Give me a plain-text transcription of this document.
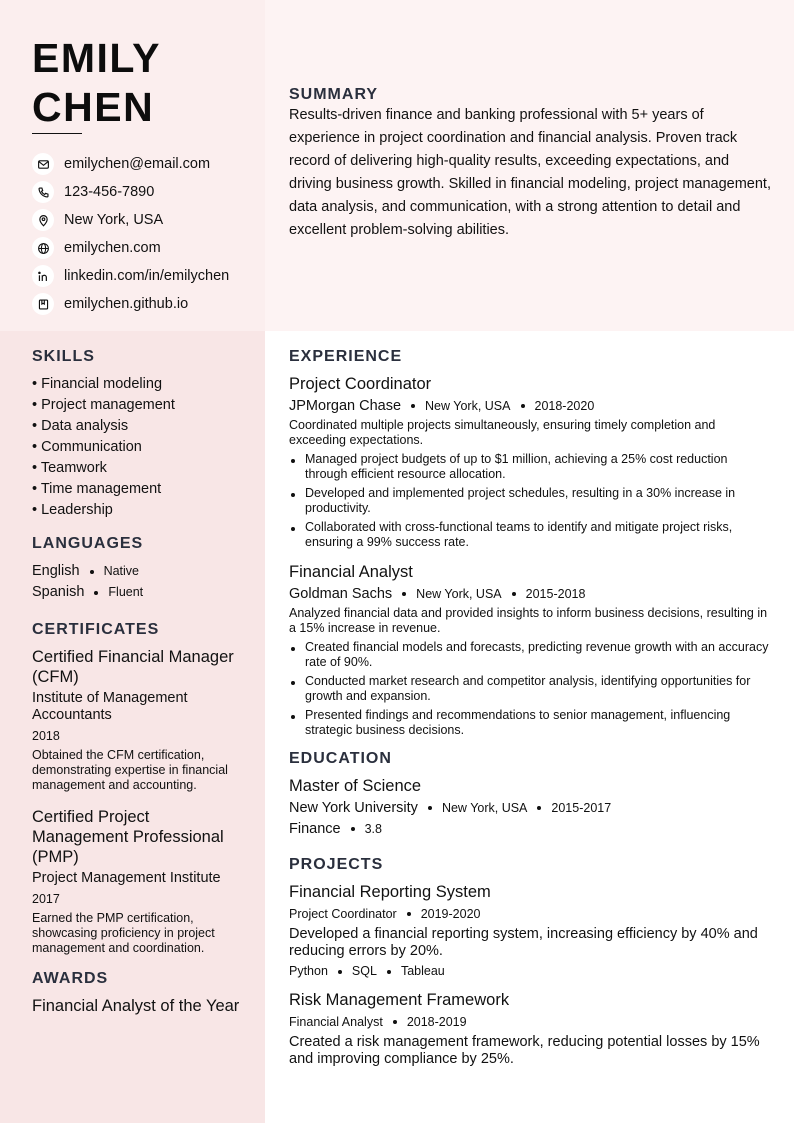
EMILY
CHEN
emilychen@email.com
123-456-7890
New York, USA
emilychen.com
linkedin.com/in/emilychen
emilychen.github.io
SUMMARY

Results-driven finance and banking professional with 5+ years of experience in project coordination and financial analysis. Proven track record of delivering high-quality results, exceeding expectations, and driving business growth. Skilled in financial modeling, project management, data analysis, and communication, with a strong attention to detail and excellent problem-solving abilities.

SKILLS
• Financial modeling
• Project management
• Data analysis
• Communication
• Teamwork
• Time management
• Leadership
LANGUAGES
English Native
Spanish Fluent
CERTIFICATES
Certified Financial Manager (CFM)
Institute of Management Accountants
2018
Obtained the CFM certification, demonstrating expertise in financial management and accounting.
Certified Project Management Professional (PMP)
Project Management Institute
2017
Earned the PMP certification, showcasing proficiency in project management and coordination.
AWARDS
Financial Analyst of the Year
EXPERIENCE
Project Coordinator
JPMorgan Chase New York, USA 2018-2020
Coordinated multiple projects simultaneously, ensuring timely completion and exceeding expectations.
Managed project budgets of up to $1 million, achieving a 25% cost reduction through efficient resource allocation.
Developed and implemented project schedules, resulting in a 30% increase in productivity.
Collaborated with cross-functional teams to identify and mitigate project risks, ensuring a 99% success rate.
Financial Analyst
Goldman Sachs New York, USA 2015-2018
Analyzed financial data and provided insights to inform business decisions, resulting in a 15% increase in revenue.
Created financial models and forecasts, predicting revenue growth with an accuracy rate of 90%.
Conducted market research and competitor analysis, identifying opportunities for growth and expansion.
Presented findings and recommendations to senior management, influencing strategic business decisions.
EDUCATION
Master of Science
New York University New York, USA 2015-2017
Finance 3.8
PROJECTS
Financial Reporting System
Project Coordinator 2019-2020
Developed a financial reporting system, increasing efficiency by 40% and reducing errors by 20%.
Python SQL Tableau
Risk Management Framework
Financial Analyst 2018-2019
Created a risk management framework, reducing potential losses by 15% and improving compliance by 25%.
